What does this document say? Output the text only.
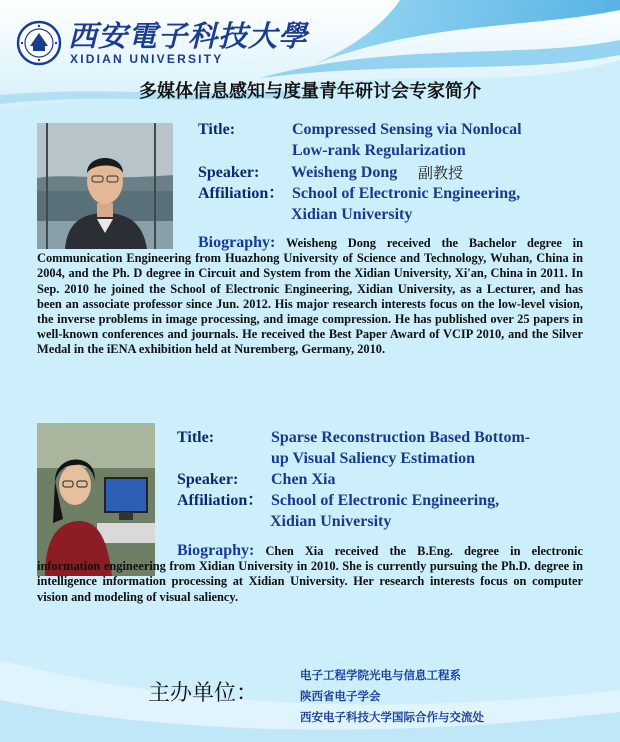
西安電子科技大學
XIDIAN UNIVERSITY
多媒体信息感知与度量青年研讨会专家简介
Title:	Compressed Sensing via Nonlocal
Low-rank Regularization
Speaker: Weisheng Dong 副教授
Affiliation： School of Electronic Engineering,
Xidian University
Biography: Weisheng Dong received the Bachelor degree in Communication Engineering from Huazhong University of Science and Technology, Wuhan, China in 2004, and the Ph. D degree in Circuit and System from the Xidian University, Xi'an, China in 2011. In Sep. 2010 he joined the School of Electronic Engineering, Xidian University, as a Lecturer, and has been an associate professor since Jun. 2012. His major research interests focus on the low-level vision, the inverse problems in image processing, and image compression. He has published over 25 papers in well-known conferences and journals. He received the Best Paper Award of VCIP 2010, and the Silver Medal in the iENA exhibition held at Nuremberg, Germany, 2010.
Title:	Sparse Reconstruction Based Bottom-
up Visual Saliency Estimation
Speaker: Chen Xia
Affiliation： School of Electronic Engineering,
Xidian University
Biography: Chen Xia received the B.Eng. degree in electronic information engineering from Xidian University in 2010. She is currently pursuing the Ph.D. degree in intelligence information processing at Xidian University. Her research interests focus on computer vision and modeling of visual saliency.
主办单位：
电子工程学院光电与信息工程系
陕西省电子学会
西安电子科技大学国际合作与交流处
